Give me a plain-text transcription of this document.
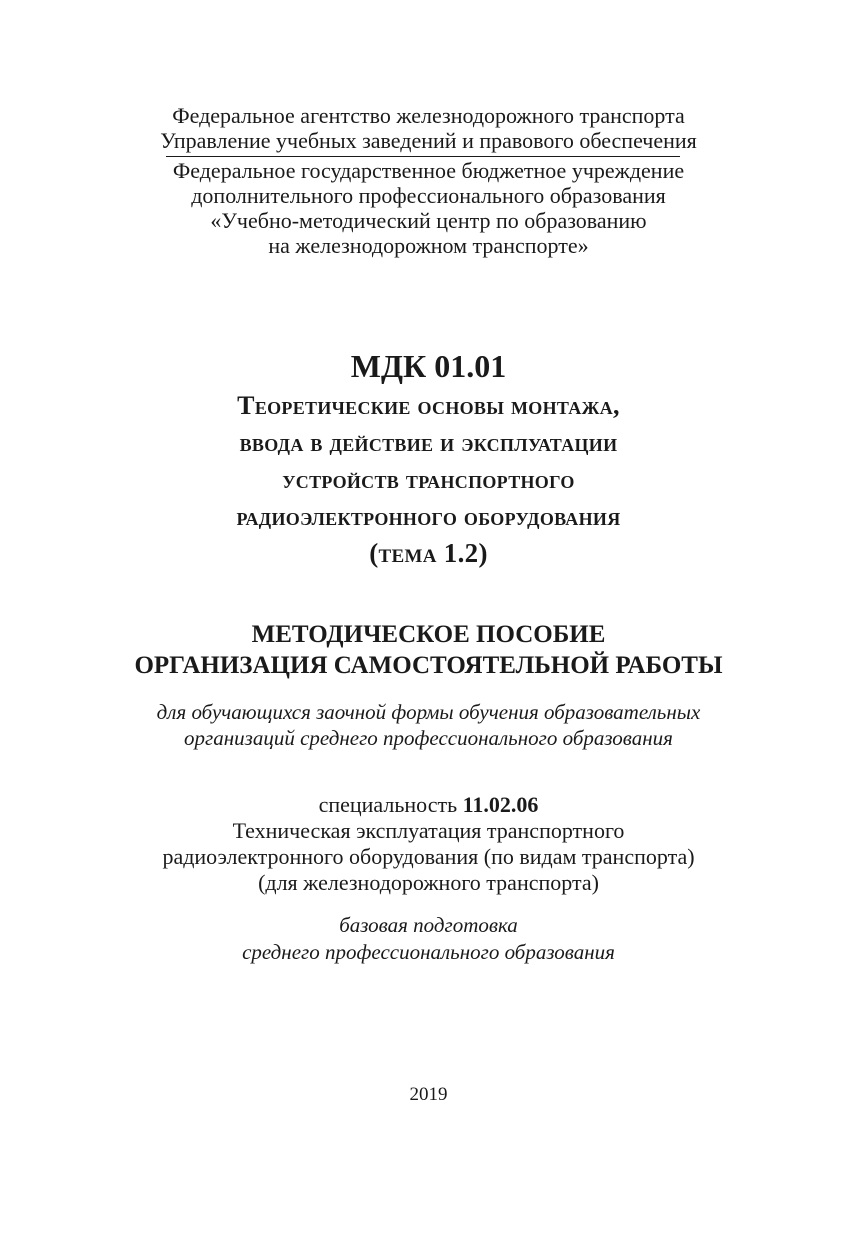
Федеральное агентство железнодорожного транспорта
Управление учебных заведений и правового обеспечения
Федеральное государственное бюджетное учреждение
дополнительного профессионального образования
«Учебно-методический центр по образованию
на железнодорожном транспорте»
МДК 01.01
Теоретические основы монтажа,
ввода в действие и эксплуатации
устройств транспортного
радиоэлектронного оборудования
(тема 1.2)
МЕТОДИЧЕСКОЕ ПОСОБИЕ
ОРГАНИЗАЦИЯ САМОСТОЯТЕЛЬНОЙ РАБОТЫ
для обучающихся заочной формы обучения образовательных
организаций среднего профессионального образования
специальность 11.02.06
Техническая эксплуатация транспортного
радиоэлектронного оборудования (по видам транспорта)
(для железнодорожного транспорта)
базовая подготовка
среднего профессионального образования
2019
